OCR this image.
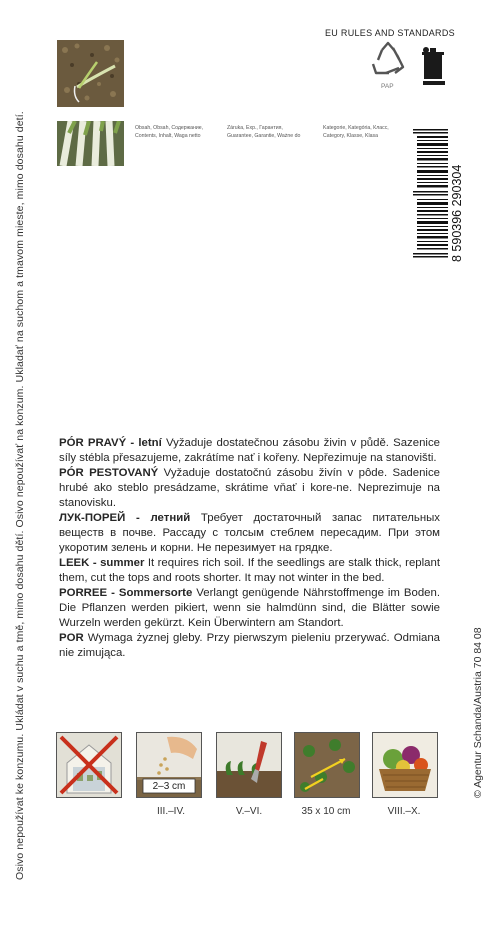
Osivo nepoužívat ke konzumu. Ukládat v suchu a tmě, mimo dosahu dětí. Osivo nepoužívať na konzum. Ukladať na suchom a tmavom mieste, mimo dosahu detí.	© Agentur Schanda/Austria 70 84 08
EU RULES AND STANDARDS
PAP
Obsah, Obsah, Содержание,
Contents, Inhalt, Waga netto
Záruka, Exp., Гарантия,
Guarantee, Garantie, Ważne do
Kategorie, Kategória, Класс,
Category, Klasse, Klasa
8 590396 290304

PÓR PRAVÝ - letní Vyžaduje dostatečnou zásobu živin v půdě. Sazenice síly stébla přesazujeme, zakrátíme nať i kořeny. Nepřezimuje na stanovišti.

PÓR PESTOVANÝ Vyžaduje dostatočnú zásobu živín v pôde. Sadenice hrubé ako steblo presádzame, skrátime vňať i kore-ne. Neprezimuje na stanovisku.

ЛУК-ПОРЕЙ - летний Требует достаточный запас питательных веществ в почве. Рассаду с толсым стеблем пересадим. При этом укоротим зелень и корни. Не перезимует на грядке.

LEEK - summer It requires rich soil. If the seedlings are stalk thick, replant them, cut the tops and roots shorter. It may not winter in the bed.

PORREE - Sommersorte Verlangt genügende Nährstoffmenge im Boden. Die Pflanzen werden pikiert, wenn sie halmdünn sind, die Blätter sowie Wurzeln werden gekürzt. Kein Überwintern am Standort.

POR Wymaga żyznej gleby. Przy pierwszym pieleniu przerywać. Odmiana nie zimująca.

2–3 cm
III.–IV.	V.–VI.	35 x 10 cm	VIII.–X.
